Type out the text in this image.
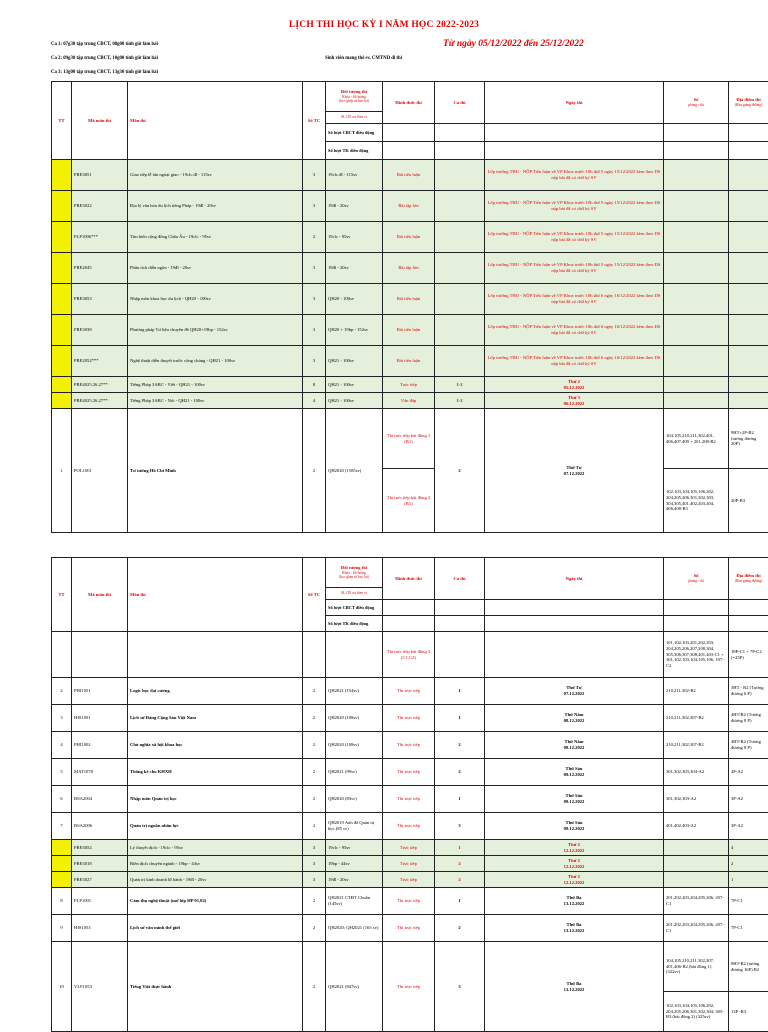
LỊCH THI HỌC KỲ I NĂM HỌC 2022-2023
Ca 1: 07g30 tập trung CBCT, 08g00 tính giờ làm bài
Ca 2: 09g30 tập trung CBCT, 10g00 tính giờ làm bài
Ca 3: 13g00 tập trung CBCT, 13g30 tính giờ làm bài
Từ ngày 05/12/2022 đến 25/12/2022
Sinh viên mang thẻ sv, CMTND đi thi
TT	Mã môn thi	Môn thi	Số TC	Đối tượng thi
Khóa - Số lượng
(học ghép từ học lại)	Hình thức thi	Ca thi	Ngày thi	Số
phòng - thi	Địa điểm thi
(Khu giảng đường)

				SL CB coi theo vị					

				Số lượt CBCT điều động					
				Số lượt TK điều động					
	FRE3051	Giao tiếp lễ tân ngoại giao - 19clc.đl - 115sv	3	19clc.đl - 115sv	Bài tiểu luận		Lớp trưởng THU - NỘP Tiểu luận về VP Khoa trước 10h thứ 5 ngày 15/12/2022 kèm theo DS nộp bài đã có chữ ký SV		
	FRE3022	Địa lý văn hóa du lịch tiếng Pháp - 19đl - 20sv	3	19đl - 20sv	Bài tập lớn		Lớp trưởng THU - NỘP Tiểu luận về VP Khoa trước 10h thứ 5 ngày 15/12/2022 kèm theo DS nộp bài đã có chữ ký SV		
	FLF1006***	Tìm hiểu cộng đồng Châu Âu - 19clc - 95sv	2	19clc - 95sv	Bài tiểu luận		Lớp trưởng THU - NỘP Tiểu luận về VP Khoa trước 10h thứ 5 ngày 15/12/2022 kèm theo DS nộp bài đã có chữ ký SV		
	FRE2045	Phân tích diễn ngôn - 19đl - 20sv	3	19đl - 20sv	Bài tập lớn		Lớp trưởng THU - NỘP Tiểu luận về VP Khoa trước 10h thứ 5 ngày 15/12/2022 kèm theo DS nộp bài đã có chữ ký SV		
	FRE3053	Nhập môn khoa học du lịch - QH20 - 100sv	3	QH20 - 100sv	Bài tiểu luận		Lớp trưởng THU - NỘP Tiểu luận về VP Khoa trước 10h thứ 6 ngày 16/12/2022 kèm theo DS nộp bài đã có chữ ký SV		
	FRE3038	Phương pháp Tư liệu chuyên đề QH20+19bp - 152sv	3	QH20 + 19bp - 152sv	Bài tiểu luận		Lớp trưởng THU - NỘP Tiểu luận về VP Khoa trước 10h thứ 6 ngày 16/12/2022 kèm theo DS nộp bài đã có chữ ký SV		
	FRE2052***	Nghệ thuật diễn thuyết trước công chúng - QH21 - 100sv	3	QH21 - 100sv	Bài tiểu luận		Lớp trưởng THU - NỘP Tiểu luận về VP Khoa trước 10h thứ 6 ngày 16/12/2022 kèm theo DS nộp bài đã có chữ ký SV		
	FRE4025.26.27**	Tiếng Pháp 3ABC - Viết - QH21 - 100sv	8	QH21 - 100sv	Trực tiếp	1-2	Thứ 2
05.12.2022		
	FRE4025.26.27**	Tiếng Pháp 3ABC - Nói - QH21 - 100sv	4	QH21 - 100sv	Vấn đáp	1-2	Thứ 3
06.12.2022		
1	POL1001	Tư tưởng Hồ Chí Minh	2	QH2020 (1585sv)	Thi trực tiếp bài đồng 1 (B1)	2	Thứ Tư
07.12.2022	104,105,210,211,302,401, 406,407,409 + 201,208-B2	9HT+2P-B2 (tương đương 20P)
					Thi trực tiếp bài đồng 2 (B1)			102,103,104,105,106,202, 204,205,206,301,302,303, 304,305,401,402,403,404, 406,408-B3	20P-B3
TT	Mã môn thi	Môn thi	Số TC	Đối tượng thi
Khóa - Số lượng
(học ghép từ học lại)	Hình thức thi	Ca thi	Ngày thi	Số
phòng - thi	Địa điểm thi
(Khu giảng đường)

				SL CB coi theo vị					

				Số lượt CBCT điều động					
				Số lượt TK điều động					
					Thi trực tiếp bài đồng 3 (C1,C2)			101,102,103,201,202,203, 204,205,206,207,208,304, 305,306,307,308,401,403-C1 + 101,102,103,104,105,106, 107-C2	18P-C1 + 7P-C2 (=25P)
2	PHI1051	Logic học đại cương	2	QH2021 (154sv)	Thi trực tiếp	1	Thứ Tư
07.12.2022	210,211,302-B2	3HT - B2 (Tương đương 6 P)
3	HIS1001	Lịch sử Đảng Cộng Sản Việt Nam	2	QH2020 (108sv)	Thi trực tiếp	1	Thứ Năm
08.12.2022	210,211,302,307-B2	4HT-B2 (Tương đương 8 P)
4	PHI1002	Chủ nghĩa xã hội khoa học	2	QH2020 (108sv)	Thi trực tiếp	2	Thứ Năm
08.12.2022	210,211,302,307-B2	4HT-B2 (Tương đương 8 P)
5	MAT1078	Thống kê cho KHXH	2	QH2021 (99sv)	Thi trực tiếp	2	Thứ Sáu
09.12.2022	301,302,303,304-A2	4P-A2
6	BSA2004	Nhập môn Quản trị học	2	QH2020 (83sv)	Thi trực tiếp	1	Thứ Sáu
09.12.2022	301,302,303-A2	3P-A2
7	BSA2006	Quản trị nguồn nhân lực	2	QH2019 Anh đã Quản trị học (85 sv)	Thi trực tiếp	3	Thứ Sáu
09.12.2022	401,402,403-A2	3P-A2
	FRE3052	Lý thuyết dịch - 19clc - 95sv	3	19clc - 95sv	Trực tiếp	1	Thứ 2
12.12.2022		4
	FRE3018	Biên dịch chuyên ngành - 19bp - 44sv	3	19bp - 44sv	Trực tiếp	2	Thứ 2
12.12.2022		2
	FRE3027	Quản trị kinh doanh lữ hành - 19đl - 20sv	3	19đl - 20sv	Trực tiếp	2	Thứ 2
12.12.2022		1
8	FLF1001	Cảm thụ nghệ thuật (mở lớp HP 01,02)	2	QH2021 CTĐT Chuẩn (145sv)	Thi trực tiếp	1	Thứ Ba
13.12.2022	201,202,203,204,205,206, 207-C1	7P-C1
9	HIS1053	Lịch sử văn minh thế giới	2	QH2020; QH2021 (165 sv)	Thi trực tiếp	2	Thứ Ba
13.12.2022	201,202,203,204,205,206, 207-C1	7P-C1
10	VLF1053	Tiếng Việt thực hành	2	QH2021 (847sv)	Thi trực tiếp	3	Thứ Ba
13.12.2022	104,105,210,211,302,307, 401,406-B2 (bài đồng 1) (322sv)	8HT-B2 (tương đương 16P) B2
								102,103,104,105,106,202, 204,205,206,301,302,304, 305-B3 (bài đồng 2) (325sv)	13P -B3
